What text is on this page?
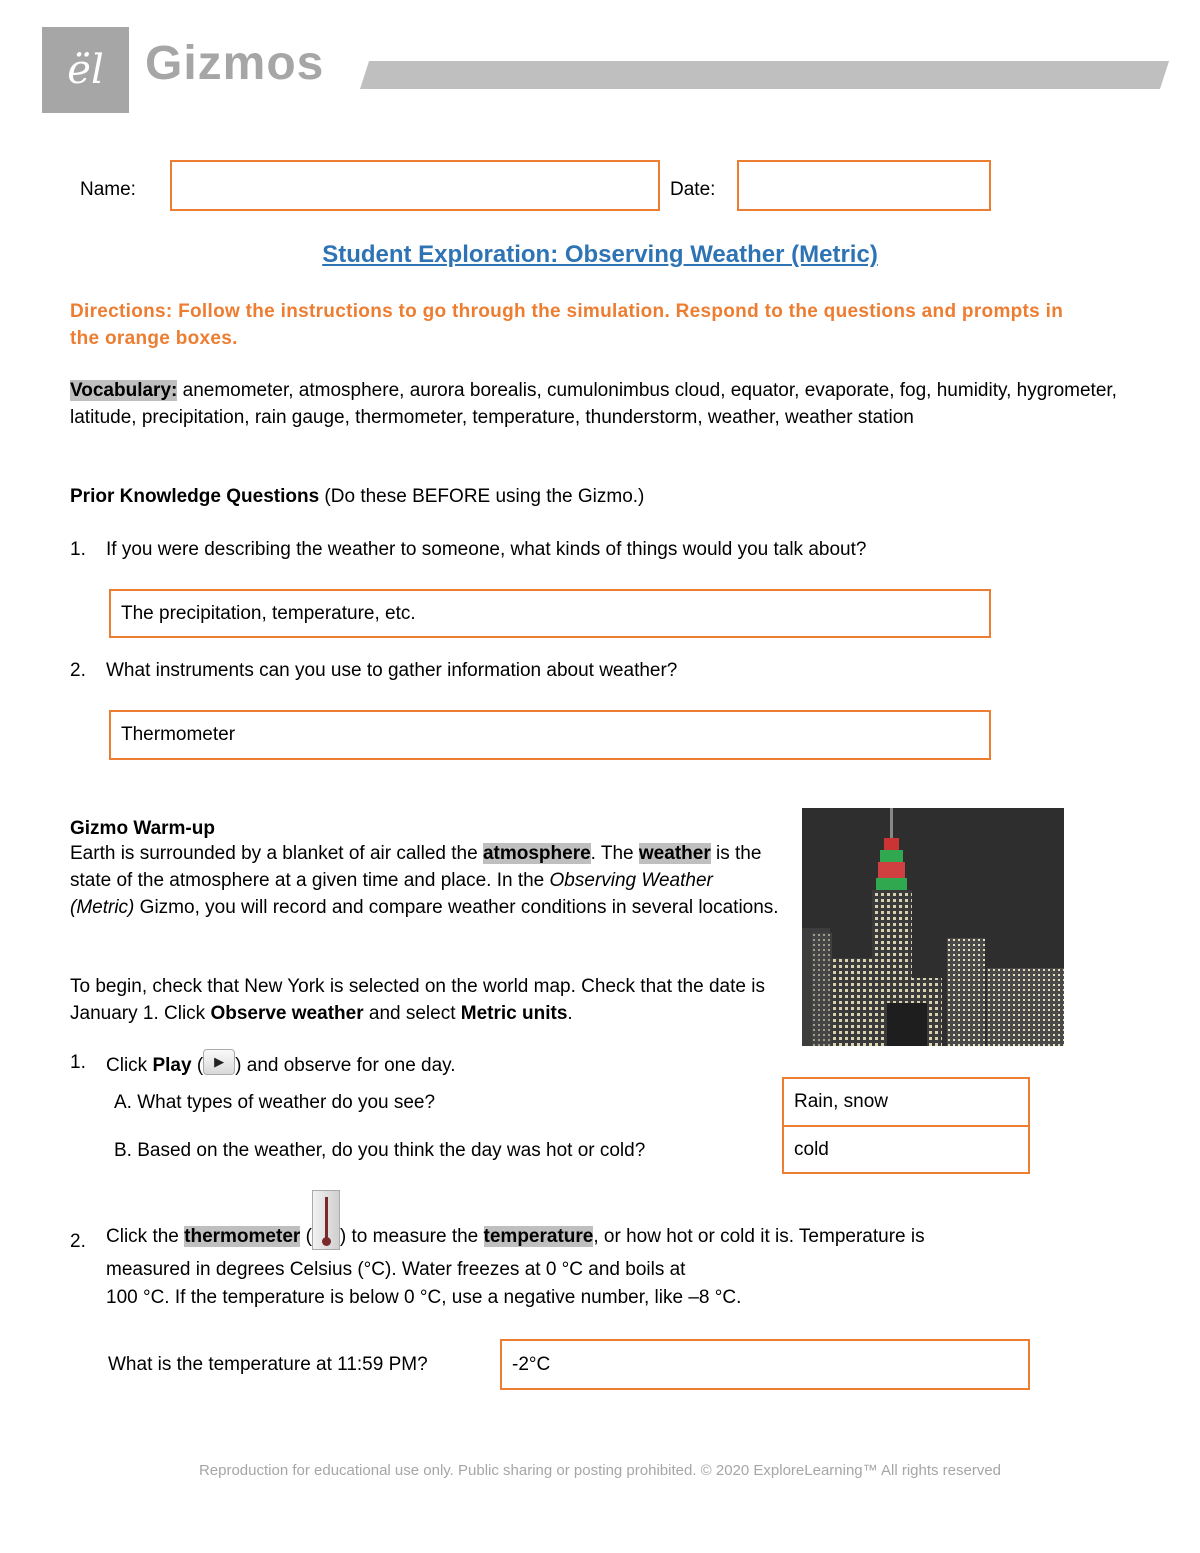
ël Gizmos
Name:	Date:
Student Exploration: Observing Weather (Metric)
Directions: Follow the instructions to go through the simulation. Respond to the questions and prompts in the orange boxes.
Vocabulary: anemometer, atmosphere, aurora borealis, cumulonimbus cloud, equator, evaporate, fog, humidity, hygrometer, latitude, precipitation, rain gauge, thermometer, temperature, thunderstorm, weather, weather station
Prior Knowledge Questions (Do these BEFORE using the Gizmo.)
1. If you were describing the weather to someone, what kinds of things would you talk about?
The precipitation, temperature, etc.
2. What instruments can you use to gather information about weather?
Thermometer
Gizmo Warm-up
Earth is surrounded by a blanket of air called the atmosphere. The weather is the state of the atmosphere at a given time and place. In the Observing Weather (Metric) Gizmo, you will record and compare weather conditions in several locations.
To begin, check that New York is selected on the world map. Check that the date is January 1. Click Observe weather and select Metric units.
1. Click Play ( ▶ ) and observe for one day.
A. What types of weather do you see?	Rain, snow
B. Based on the weather, do you think the day was hot or cold?	cold
2. Click the thermometer ( ) to measure the temperature, or how hot or cold it is. Temperature is
measured in degrees Celsius (°C). Water freezes at 0 °C and boils at
100 °C. If the temperature is below 0 °C, use a negative number, like –8 °C.
What is the temperature at 11:59 PM?	-2°C
Reproduction for educational use only. Public sharing or posting prohibited. © 2020 ExploreLearning™ All rights reserved
